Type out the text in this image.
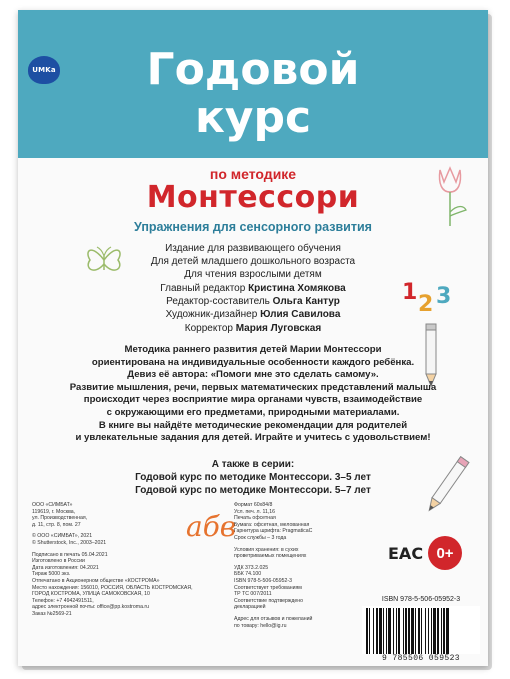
UMKa	Годовой
курс
по методике
Монтессори
Упражнения для сенсорного развития
Издание для развивающего обучения
Для детей младшего дошкольного возраста
Для чтения взрослыми детям
Главный редактор Кристина Хомякова
Редактор-составитель Ольга Кантур
Художник-дизайнер Юлия Савилова
Корректор Мария Луговская
1 2 3
Методика раннего развития детей Марии Монтессори
ориентирована на индивидуальные особенности каждого ребёнка.
Девиз её автора: «Помоги мне это сделать самому».
Развитие мышления, речи, первых математических представлений малыша
происходит через восприятие мира органами чувств, взаимодействие
с окружающими его предметами, природными материалами.
В книге вы найдёте методические рекомендации для родителей
и увлекательные задания для детей. Играйте и учитесь с удовольствием!
А также в серии:
Годовой курс по методике Монтессори. 3–5 лет
Годовой курс по методике Монтессори. 5–7 лет
абв
ООО «СИМБАТ»
119619, г. Москва,
ул. Производственная,
д. 11, стр. 8, пом. 27
© ООО «СИМБАТ», 2021
© Shutterstock, Inc., 2003–2021
Подписано в печать 05.04.2021
Изготовлено в России
Дата изготовления: 04.2021
Тираж 5000 экз.
Отпечатано в Акционерном обществе «КОСТРОМА»
Место нахождения: 156010, РОССИЯ, ОБЛАСТЬ КОСТРОМСКАЯ,
ГОРОД КОСТРОМА, УЛИЦА САМОКОВСКАЯ, 10
Телефон: +7 4942491511,
адрес электронной почты: office@pp.kostroma.ru
Заказ №2569-21
Формат 60x84/8
Усл. печ. л. 11,16
Печать офсетная
Бумага: офсетная, мелованная
Гарнитура шрифта: PragmaticaC
Срок службы – 3 года
Условия хранения: в сухих
проветриваемых помещениях
УДК 373.2.025
ББК 74.100
ISBN 978-5-506-05952-3
Соответствует требованиям
ТР ТС 007/2011
Соответствие подтверждено
декларацией
Адрес для отзывов и пожеланий
по товару: hello@ig.ru
EAC 0+
ISBN 978-5-506-05952-3
9 785506 059523
